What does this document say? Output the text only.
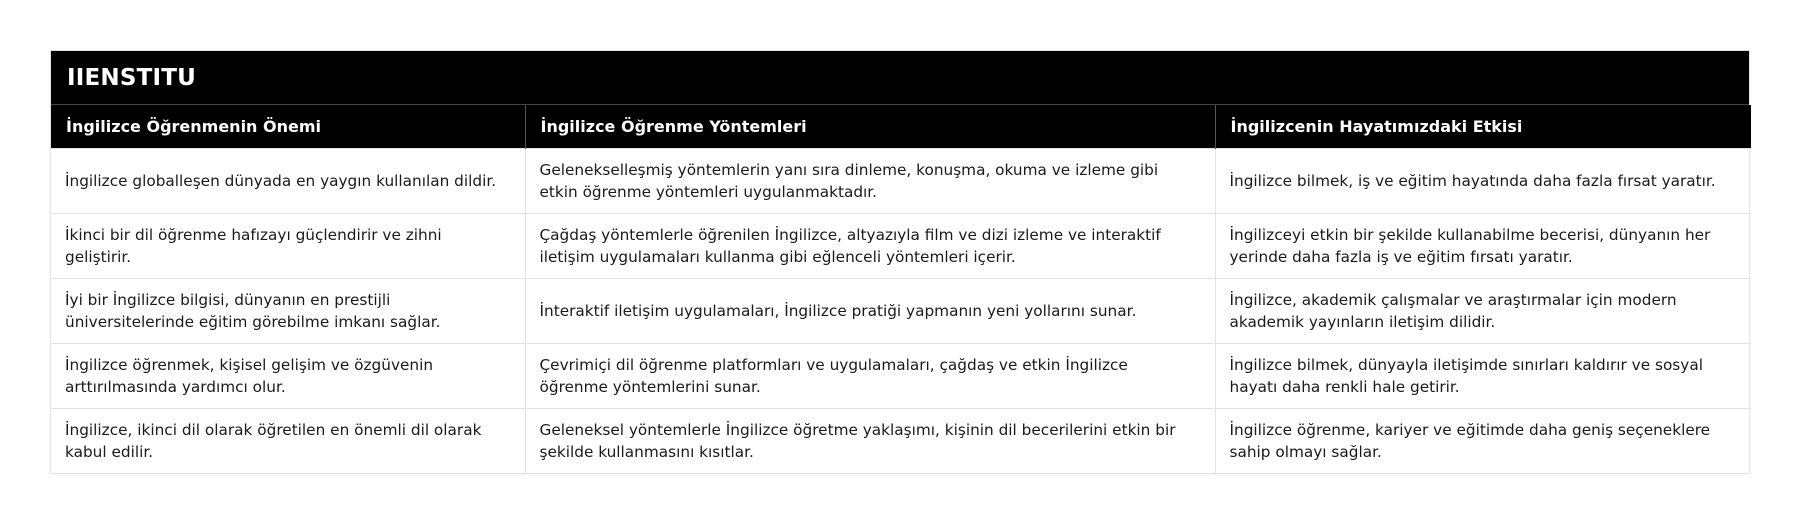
IIENSTITU
İngilizce Öğrenmenin Önemi	İngilizce Öğrenme Yöntemleri	İngilizcenin Hayatımızdaki Etkisi
İngilizce globalleşen dünyada en yaygın kullanılan dildir.	Gelenekselleşmiş yöntemlerin yanı sıra dinleme, konuşma, okuma ve izleme gibi etkin öğrenme yöntemleri uygulanmaktadır.	İngilizce bilmek, iş ve eğitim hayatında daha fazla fırsat yaratır.
İkinci bir dil öğrenme hafızayı güçlendirir ve zihni geliştirir.	Çağdaş yöntemlerle öğrenilen İngilizce, altyazıyla film ve dizi izleme ve interaktif iletişim uygulamaları kullanma gibi eğlenceli yöntemleri içerir.	İngilizceyi etkin bir şekilde kullanabilme becerisi, dünyanın her yerinde daha fazla iş ve eğitim fırsatı yaratır.
İyi bir İngilizce bilgisi, dünyanın en prestijli üniversitelerinde eğitim görebilme imkanı sağlar.	İnteraktif iletişim uygulamaları, İngilizce pratiği yapmanın yeni yollarını sunar.	İngilizce, akademik çalışmalar ve araştırmalar için modern akademik yayınların iletişim dilidir.
İngilizce öğrenmek, kişisel gelişim ve özgüvenin arttırılmasında yardımcı olur.	Çevrimiçi dil öğrenme platformları ve uygulamaları, çağdaş ve etkin İngilizce öğrenme yöntemlerini sunar.	İngilizce bilmek, dünyayla iletişimde sınırları kaldırır ve sosyal hayatı daha renkli hale getirir.
İngilizce, ikinci dil olarak öğretilen en önemli dil olarak kabul edilir.	Geleneksel yöntemlerle İngilizce öğretme yaklaşımı, kişinin dil becerilerini etkin bir şekilde kullanmasını kısıtlar.	İngilizce öğrenme, kariyer ve eğitimde daha geniş seçeneklere sahip olmayı sağlar.
